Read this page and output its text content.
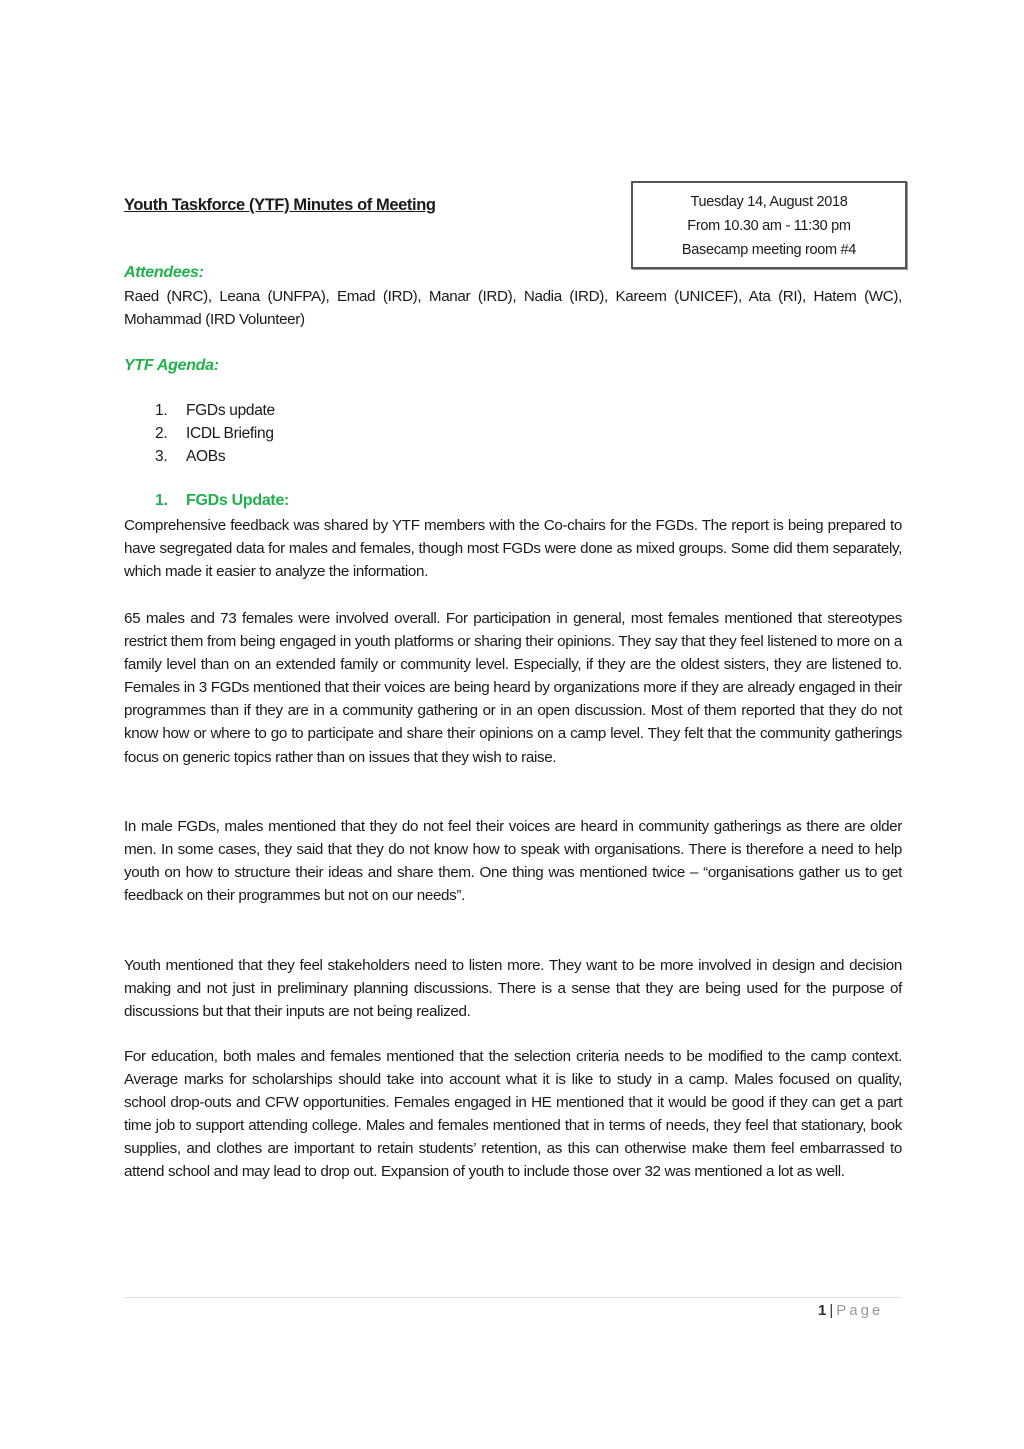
Youth Taskforce (YTF) Minutes of Meeting	Tuesday 14, August 2018
From 10.30 am - 11:30 pm
Basecamp meeting room #4
Attendees:
Raed (NRC), Leana (UNFPA), Emad (IRD), Manar (IRD), Nadia (IRD), Kareem (UNICEF), Ata (RI), Hatem (WC), Mohammad (IRD Volunteer)
YTF Agenda:
1. FGDs update
2. ICDL Briefing
3. AOBs
1. FGDs Update:
Comprehensive feedback was shared by YTF members with the Co-chairs for the FGDs. The report is being prepared to have segregated data for males and females, though most FGDs were done as mixed groups. Some did them separately, which made it easier to analyze the information.
65 males and 73 females were involved overall. For participation in general, most females mentioned that stereotypes restrict them from being engaged in youth platforms or sharing their opinions. They say that they feel listened to more on a family level than on an extended family or community level. Especially, if they are the oldest sisters, they are listened to. Females in 3 FGDs mentioned that their voices are being heard by organizations more if they are already engaged in their programmes than if they are in a community gathering or in an open discussion. Most of them reported that they do not know how or where to go to participate and share their opinions on a camp level. They felt that the community gatherings focus on generic topics rather than on issues that they wish to raise.
In male FGDs, males mentioned that they do not feel their voices are heard in community gatherings as there are older men. In some cases, they said that they do not know how to speak with organisations. There is therefore a need to help youth on how to structure their ideas and share them. One thing was mentioned twice – “organisations gather us to get feedback on their programmes but not on our needs”.
Youth mentioned that they feel stakeholders need to listen more. They want to be more involved in design and decision making and not just in preliminary planning discussions. There is a sense that they are being used for the purpose of discussions but that their inputs are not being realized.
For education, both males and females mentioned that the selection criteria needs to be modified to the camp context. Average marks for scholarships should take into account what it is like to study in a camp. Males focused on quality, school drop-outs and CFW opportunities. Females engaged in HE mentioned that it would be good if they can get a part time job to support attending college. Males and females mentioned that in terms of needs, they feel that stationary, book supplies, and clothes are important to retain students’ retention, as this can otherwise make them feel embarrassed to attend school and may lead to drop out. Expansion of youth to include those over 32 was mentioned a lot as well.
1 | Page
